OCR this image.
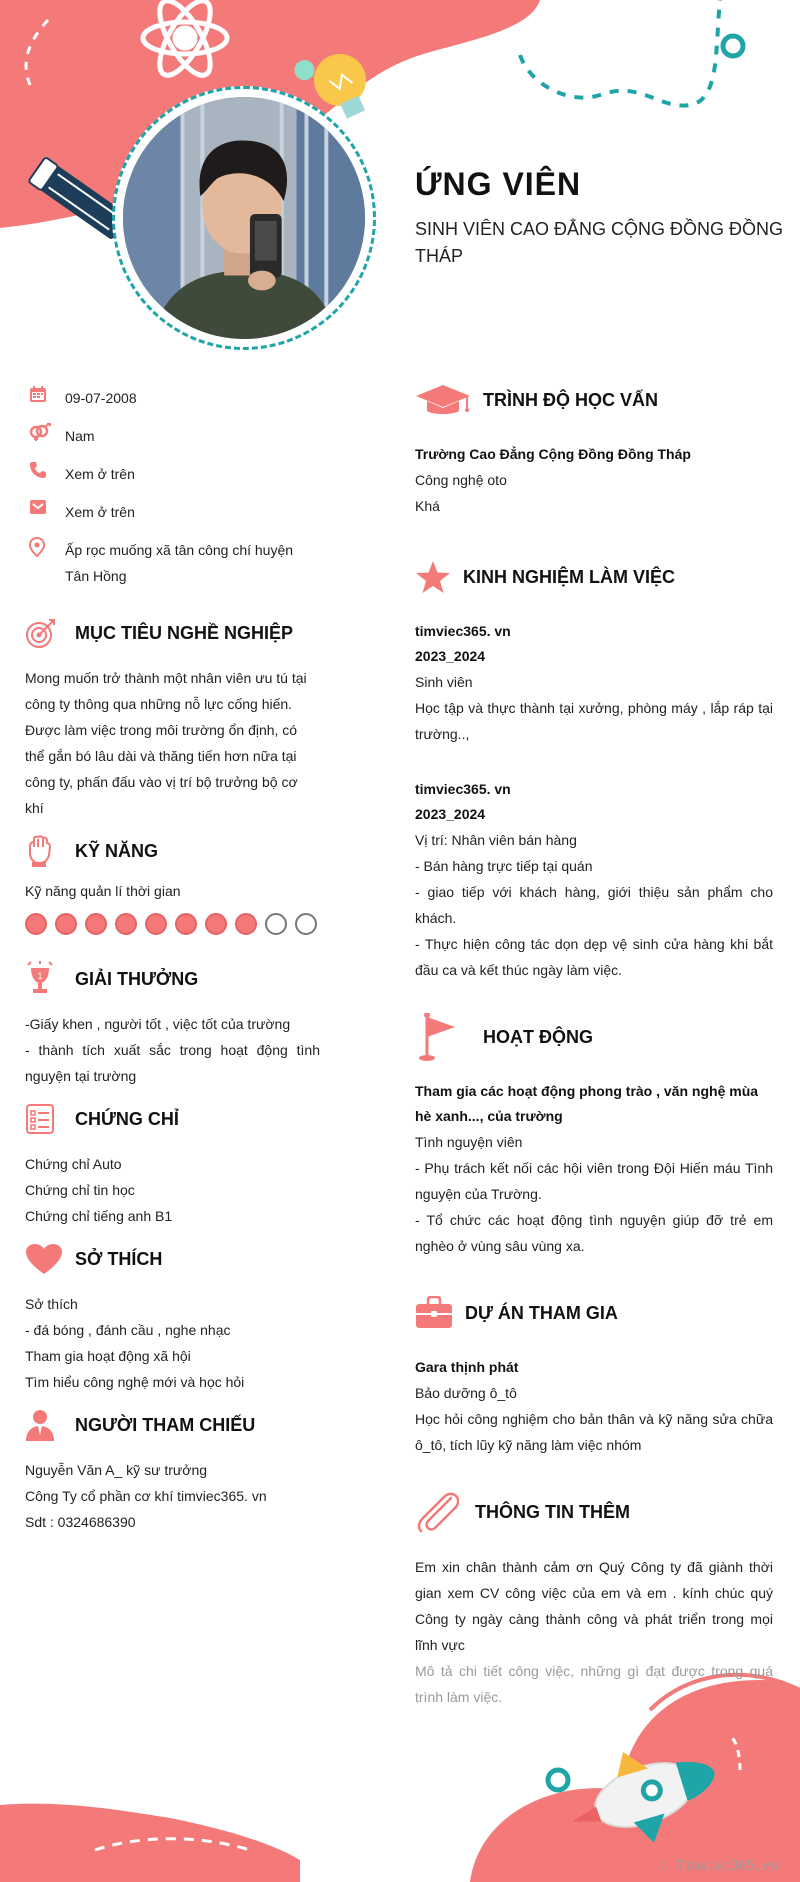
ỨNG VIÊN
SINH VIÊN CAO ĐẲNG CỘNG ĐỒNG ĐỒNG THÁP
09-07-2008
Nam
Xem ở trên
Xem ở trên
Ấp rọc muống xã tân công chí huyện Tân Hồng
MỤC TIÊU NGHỀ NGHIỆP
Mong muốn trở thành một nhân viên ưu tú tại công ty thông qua những nỗ lực cống hiến.
Được làm việc trong môi trường ổn định, có thể gắn bó lâu dài và thăng tiến hơn nữa tại công ty, phấn đấu vào vị trí bộ trưởng bộ cơ khí
KỸ NĂNG
Kỹ năng quản lí thời gian
1 GIẢI THƯỞNG
-Giấy khen , người tốt , việc tốt của trường
- thành tích xuất sắc trong hoạt động tình nguyện tại trường
CHỨNG CHỈ
Chứng chỉ Auto
Chứng chỉ tin học
Chứng chỉ tiếng anh B1
SỞ THÍCH
Sở thích
- đá bóng , đánh cầu , nghe nhạc
Tham gia hoạt động xã hội
Tìm hiểu công nghệ mới và học hỏi
NGƯỜI THAM CHIẾU
Nguyễn Văn A_ kỹ sư trưởng
Công Ty cổ phần cơ khí timviec365. vn
Sdt : 0324686390
TRÌNH ĐỘ HỌC VẤN
Trường Cao Đẳng Cộng Đồng Đồng Tháp
Công nghệ oto
Khá
KINH NGHIỆM LÀM VIỆC
timviec365. vn
2023_2024
Sinh viên
Học tập và thực thành tại xưởng, phòng máy , lắp ráp tại trường..,
timviec365. vn
2023_2024
Vị trí: Nhân viên bán hàng
- Bán hàng trực tiếp tại quán
- giao tiếp với khách hàng, giới thiệu sản phẩm cho khách.
- Thực hiện công tác dọn dẹp vệ sinh cửa hàng khi bắt đầu ca và kết thúc ngày làm việc.
HOẠT ĐỘNG
Tham gia các hoạt động phong trào , văn nghệ mùa hè xanh..., của trường
Tình nguyện viên
- Phụ trách kết nối các hội viên trong Đội Hiến máu Tình nguyện của Trường.
- Tổ chức các hoạt động tình nguyện giúp đỡ trẻ em nghèo ở vùng sâu vùng xa.
DỰ ÁN THAM GIA
Gara thịnh phát
Bảo dưỡng ô_tô
Học hỏi công nghiệm cho bản thân và kỹ năng sửa chữa ô_tô, tích lũy kỹ năng làm việc nhóm
THÔNG TIN THÊM
Em xin chân thành cảm ơn Quý Công ty đã giành thời gian xem CV công việc của em và em . kính chúc quý Công ty ngày càng thành công và phát triển trong mọi lĩnh vực
Mô tả chi tiết công việc, những gì đạt được trong quá trình làm việc.
∴ Timviec365.vn
